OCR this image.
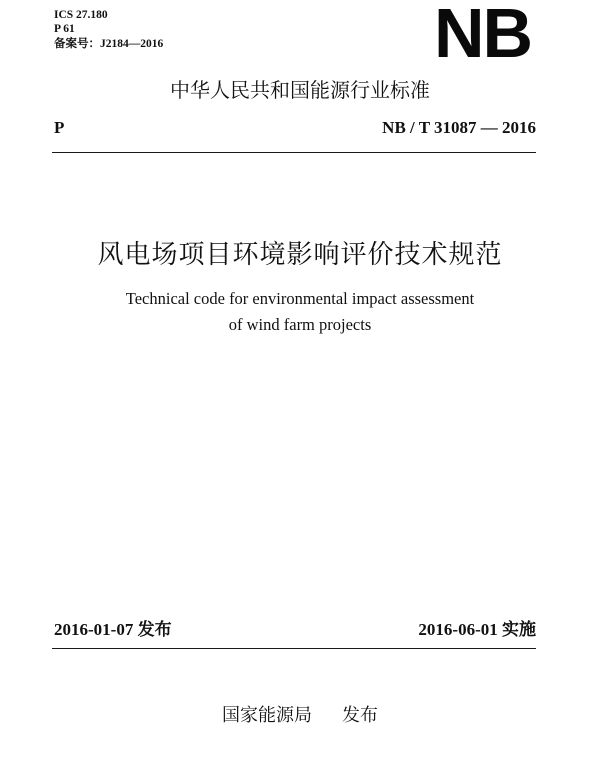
ICS 27.180
P 61
备案号：J2184—2016	NB
中华人民共和国能源行业标准
P	NB / T 31087 — 2016
风电场项目环境影响评价技术规范
Technical code for environmental impact assessment
of wind farm projects
2016-01-07 发布	2016-06-01 实施
国家能源局 发布
